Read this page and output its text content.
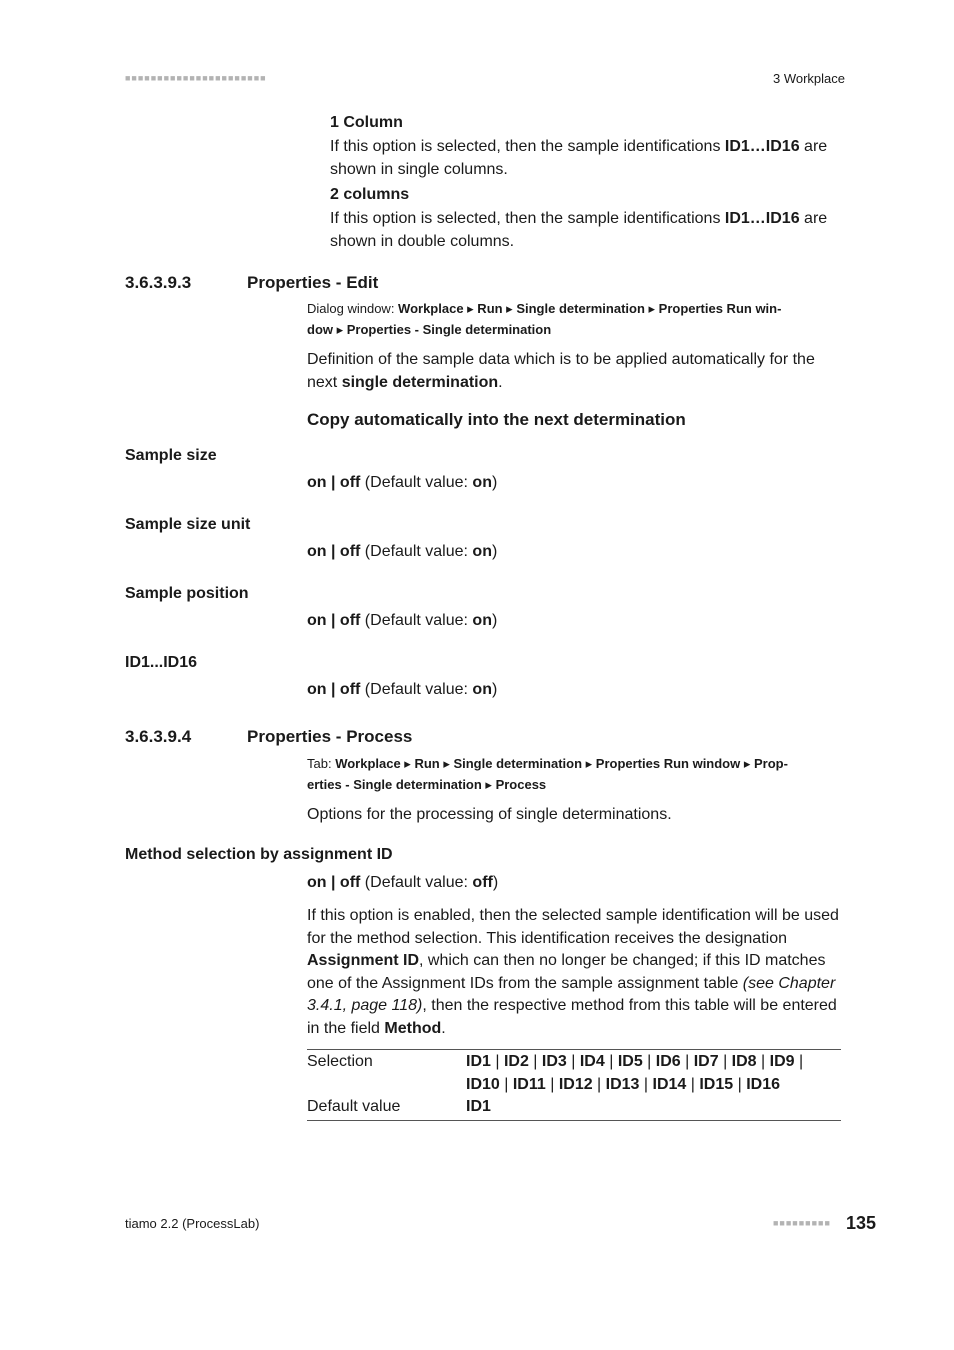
■■■■■■■■■■■■■■■■■■■■■■	3 Workplace
1 Column
If this option is selected, then the sample identifications ID1…ID16 are
shown in single columns.
2 columns
If this option is selected, then the sample identifications ID1…ID16 are
shown in double columns.
3.6.3.9.3	Properties - Edit
Dialog window: Workplace ▸ Run ▸ Single determination ▸ Properties Run win-
dow ▸ Properties - Single determination
Definition of the sample data which is to be applied automatically for the
next single determination.
Copy automatically into the next determination
Sample size
on | off (Default value: on)
Sample size unit
on | off (Default value: on)
Sample position
on | off (Default value: on)
ID1...ID16
on | off (Default value: on)
3.6.3.9.4	Properties - Process
Tab: Workplace ▸ Run ▸ Single determination ▸ Properties Run window ▸ Prop-
erties - Single determination ▸ Process
Options for the processing of single determinations.
Method selection by assignment ID
on | off (Default value: off)
If this option is enabled, then the selected sample identification will be used
for the method selection. This identification receives the designation
Assignment ID, which can then no longer be changed; if this ID matches
one of the Assignment IDs from the sample assignment table (see Chapter
3.4.1, page 118), then the respective method from this table will be entered
in the field Method.
Selection	ID1 | ID2 | ID3 | ID4 | ID5 | ID6 | ID7 | ID8 | ID9 |
ID10 | ID11 | ID12 | ID13 | ID14 | ID15 | ID16

Default value	ID1
tiamo 2.2 (ProcessLab)	■■■■■■■■■ 135
